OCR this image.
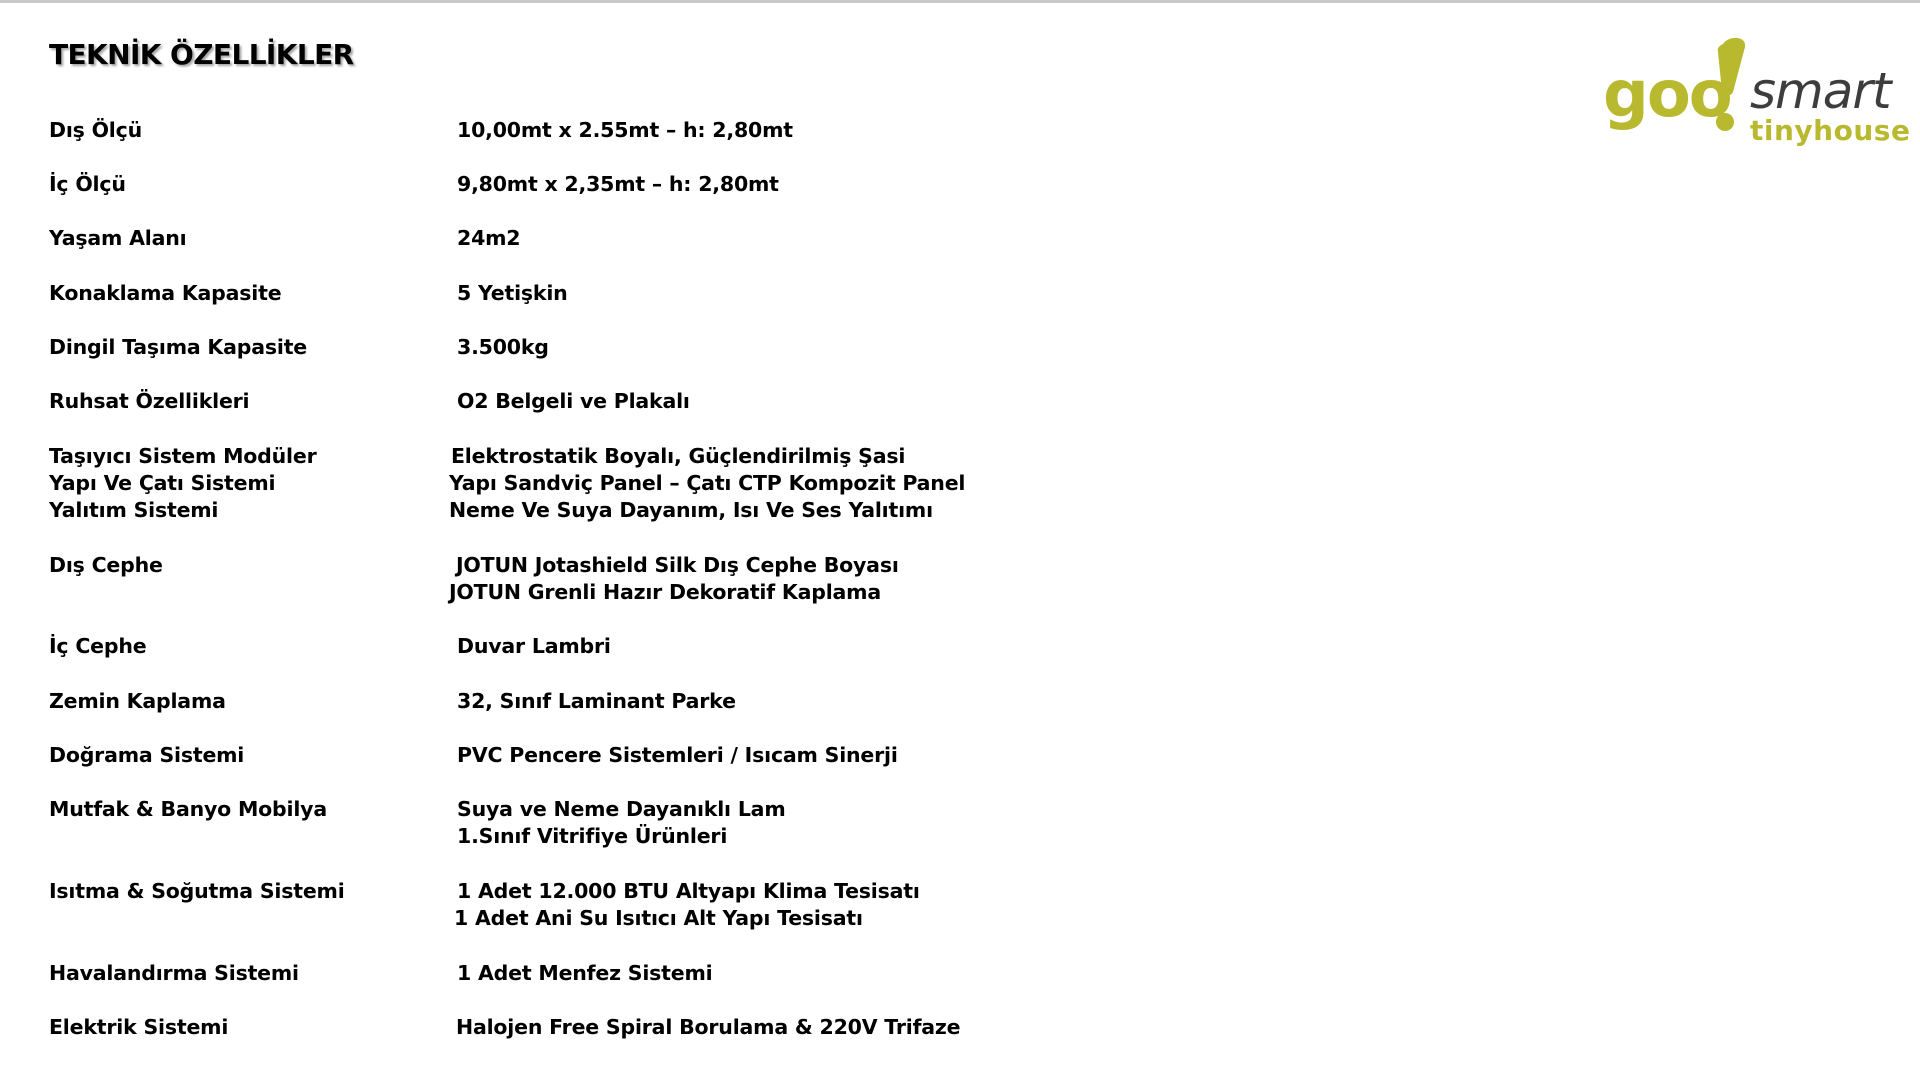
TEKNİK ÖZELLİKLER
goo smart
tinyhouse
Dış Ölçü	10,00mt x 2.55mt – h: 2,80mt
İç Ölçü	9,80mt x 2,35mt – h: 2,80mt
Yaşam Alanı	24m2
Konaklama Kapasite	5 Yetişkin
Dingil Taşıma Kapasite	3.500kg
Ruhsat Özellikleri	O2 Belgeli ve Plakalı
Taşıyıcı Sistem Modüler	Elektrostatik Boyalı, Güçlendirilmiş Şasi
Yapı Ve Çatı Sistemi	Yapı Sandviç Panel – Çatı CTP Kompozit Panel
Yalıtım Sistemi	Neme Ve Suya Dayanım, Isı Ve Ses Yalıtımı
Dış Cephe	JOTUN Jotashield Silk Dış Cephe Boyası
JOTUN Grenli Hazır Dekoratif Kaplama
İç Cephe	Duvar Lambri
Zemin Kaplama	32, Sınıf Laminant Parke
Doğrama Sistemi	PVC Pencere Sistemleri / Isıcam Sinerji
Mutfak & Banyo Mobilya	Suya ve Neme Dayanıklı Lam
1.Sınıf Vitrifiye Ürünleri
Isıtma & Soğutma Sistemi	1 Adet 12.000 BTU Altyapı Klima Tesisatı
1 Adet Ani Su Isıtıcı Alt Yapı Tesisatı
Havalandırma Sistemi	1 Adet Menfez Sistemi
Elektrik Sistemi	Halojen Free Spiral Borulama & 220V Trifaze
